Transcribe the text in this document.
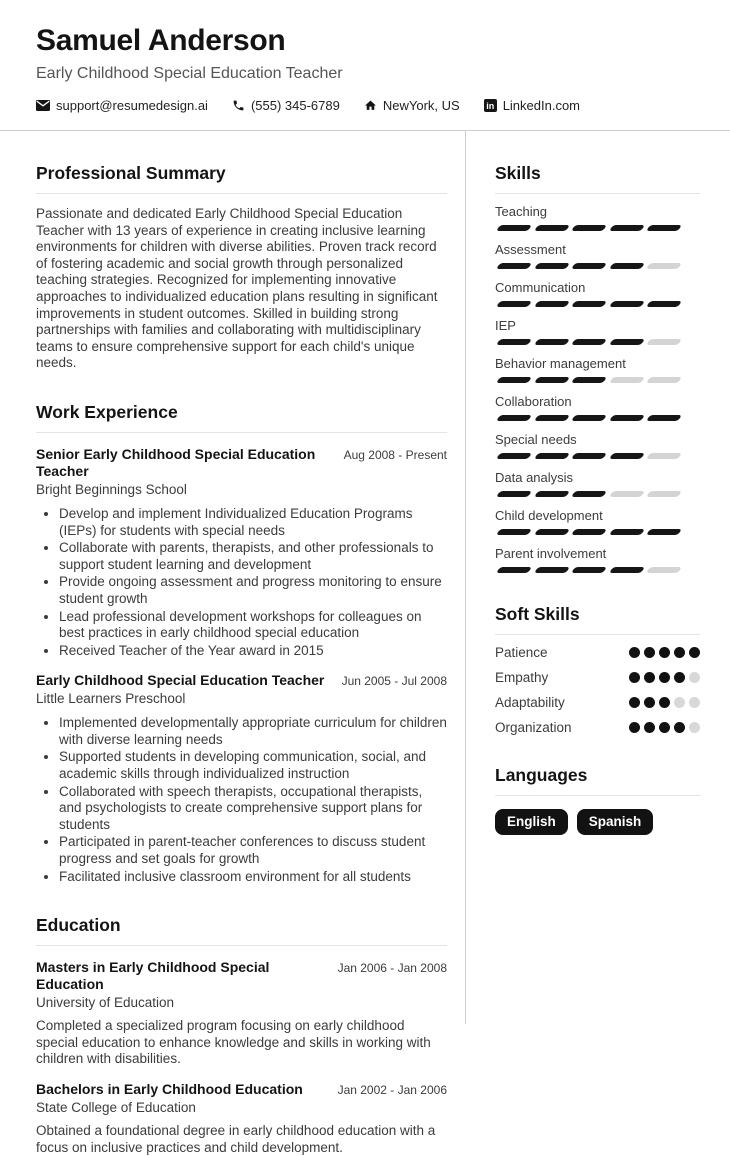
Samuel Anderson
Early Childhood Special Education Teacher
support@resumedesign.ai	(555) 345-6789	NewYork, US	in LinkedIn.com
Professional Summary

Passionate and dedicated Early Childhood Special Education Teacher with 13 years of experience in creating inclusive learning environments for children with diverse abilities. Proven track record of fostering academic and social growth through personalized teaching strategies. Recognized for implementing innovative approaches to individualized education plans resulting in significant improvements in student outcomes. Skilled in building strong partnerships with families and collaborating with multidisciplinary teams to ensure comprehensive support for each child's unique needs.

Work Experience
Senior Early Childhood Special Education Teacher
Aug 2008 - Present
Bright Beginnings School
• Develop and implement Individualized Education Programs (IEPs) for students with special needs
• Collaborate with parents, therapists, and other professionals to support student learning and development
• Provide ongoing assessment and progress monitoring to ensure student growth
• Lead professional development workshops for colleagues on best practices in early childhood special education
• Received Teacher of the Year award in 2015
Early Childhood Special Education Teacher	Jun 2005 - Jul 2008
Little Learners Preschool
• Implemented developmentally appropriate curriculum for children with diverse learning needs
• Supported students in developing communication, social, and academic skills through individualized instruction
• Collaborated with speech therapists, occupational therapists, and psychologists to create comprehensive support plans for students
• Participated in parent-teacher conferences to discuss student progress and set goals for growth
• Facilitated inclusive classroom environment for all students
Education
Masters in Early Childhood Special Education
Jan 2006 - Jan 2008
University of Education

Completed a specialized program focusing on early childhood special education to enhance knowledge and skills in working with children with disabilities.

Bachelors in Early Childhood Education	Jan 2002 - Jan 2006
State College of Education

Obtained a foundational degree in early childhood education with a focus on inclusive practices and child development.

Skills
Teaching
Assessment
Communication
IEP
Behavior management
Collaboration
Special needs
Data analysis
Child development
Parent involvement
Soft Skills
Patience
Empathy
Adaptability
Organization
Languages
English	Spanish
